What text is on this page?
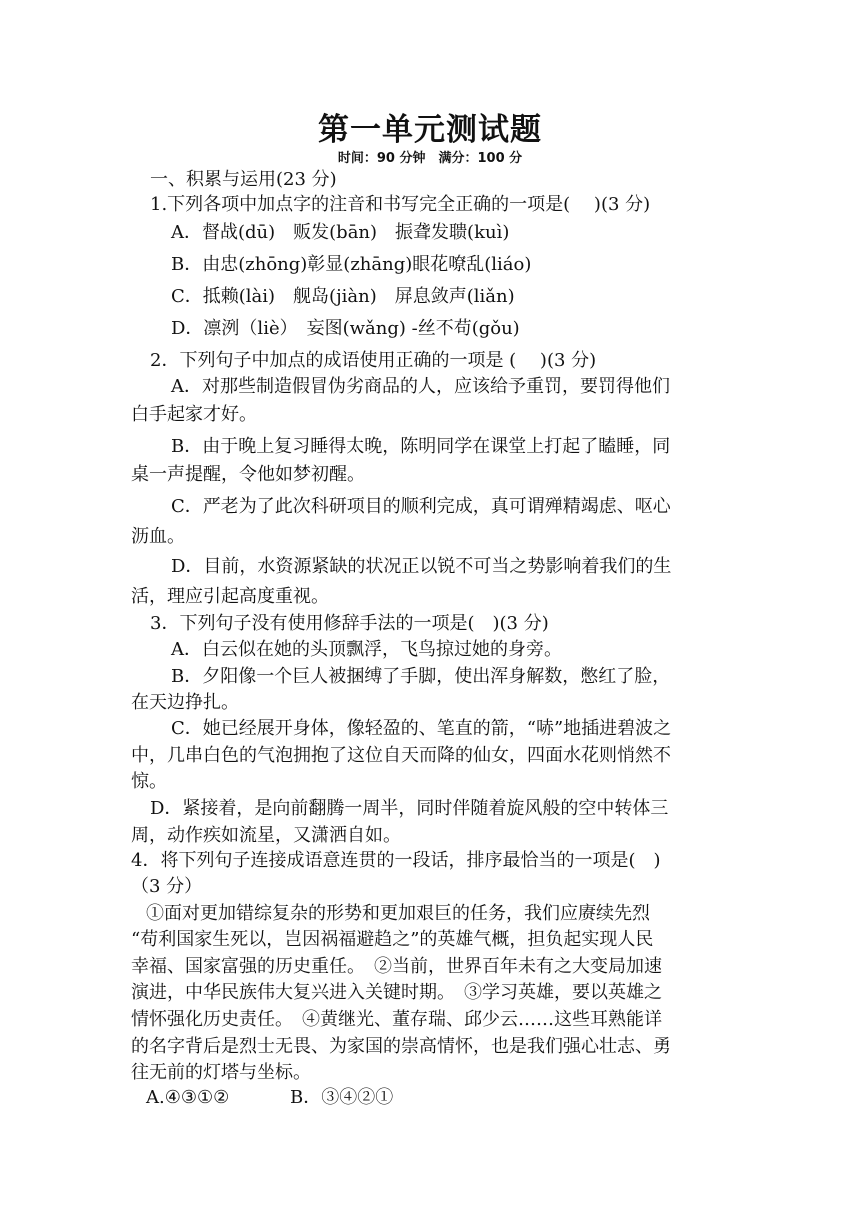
第一单元测试题
时间：90 分钟　满分：100 分
一、积累与运用(23 分)
1.下列各项中加点字的注音和书写完全正确的一项是(　 )(3 分)
A．督战(dū)　贩发(bān)　振聋发聩(kuì)
B．由忠(zhōng)彰显(zhāng)眼花嘹乱(liáo)
C．抵赖(lài)　舰岛(jiàn)　屏息敛声(liǎn)
D．凛洌（liè）　妄图(wǎng) -丝不苟(gǒu)
2．下列句子中加点的成语使用正确的一项是 (　 )(3 分)
A．对那些制造假冒伪劣商品的人，应该给予重罚，要罚得他们
白手起家才好。
B．由于晚上复习睡得太晚，陈明同学在课堂上打起了瞌睡，同
桌一声提醒，令他如梦初醒。
C．严老为了此次科研项目的顺利完成，真可谓殚精竭虑、呕心
沥血。
D．目前，水资源紧缺的状况正以锐不可当之势影响着我们的生
活，理应引起高度重视。
3．下列句子没有使用修辞手法的一项是(　)(3 分)
A．白云似在她的头顶飘浮，飞鸟掠过她的身旁。
B．夕阳像一个巨人被捆缚了手脚，使出浑身解数，憋红了脸，
在天边挣扎。
C．她已经展开身体，像轻盈的、笔直的箭，“哧”地插进碧波之
中，几串白色的气泡拥抱了这位自天而降的仙女，四面水花则悄然不
惊。
D．紧接着，是向前翻腾一周半，同时伴随着旋风般的空中转体三
周，动作疾如流星，又潇洒自如。
4．将下列句子连接成语意连贯的一段话，排序最恰当的一项是(　)
（3 分）
①面对更加错综复杂的形势和更加艰巨的任务，我们应赓续先烈
“苟利国家生死以，岂因祸福避趋之”的英雄气概，担负起实现人民
幸福、国家富强的历史重任。　②当前，世界百年未有之大变局加速
演进，中华民族伟大复兴进入关键时期。　③学习英雄，要以英雄之
情怀强化历史责任。　④黄继光、董存瑞、邱少云……这些耳熟能详
的名字背后是烈士无畏、为家国的崇高情怀，也是我们强心壮志、勇
往无前的灯塔与坐标。
A.④③①②	B．③④②①
